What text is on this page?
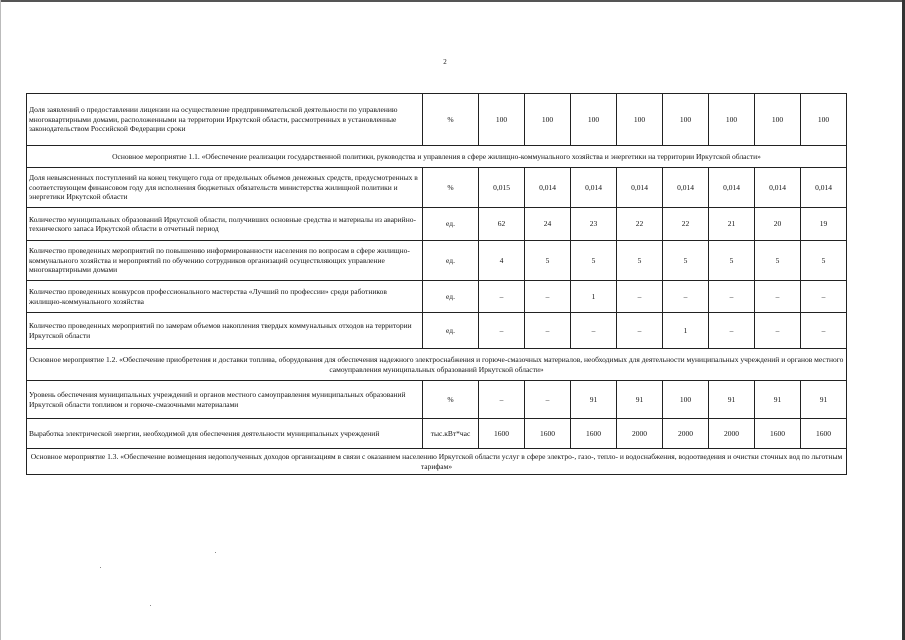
2
Доля заявлений о предоставлении лицензии на осуществление предпринимательской деятельности по управлению многоквартирными домами, расположенными на территории Иркутской области, рассмотренных в установленные законодательством Российской Федерации сроки	%	100	100	100	100	100	100	100	100
Основное мероприятие 1.1. «Обеспечение реализации государственной политики, руководства и управления в сфере жилищно-коммунального хозяйства и энергетики на территории Иркутской области»									
Доля невыясненных поступлений на конец текущего года от предельных объемов денежных средств, предусмотренных в соответствующем финансовом году для исполнения бюджетных обязательств министерства жилищной политики и энергетики Иркутской области	%	0,015	0,014	0,014	0,014	0,014	0,014	0,014	0,014
Количество муниципальных образований Иркутской области, получивших основные средства и материалы из аварийно-технического запаса Иркутской области в отчетный период	ед.	62	24	23	22	22	21	20	19
Количество проведенных мероприятий по повышению информированности населения по вопросам в сфере жилищно-коммунального хозяйства и мероприятий по обучению сотрудников организаций осуществляющих управление многоквартирными домами	ед.	4	5	5	5	5	5	5	5
Количество проведенных конкурсов профессионального мастерства «Лучший по профессии» среди работников жилищно-коммунального хозяйства	ед.	–	–	1	–	–	–	–	–
Количество проведенных мероприятий по замерам объемов накопления твердых коммунальных отходов на территории Иркутской области	ед.	–	–	–	–	1	–	–	–
Основное мероприятие 1.2. «Обеспечение приобретения и доставки топлива, оборудования для обеспечения надежного электроснабжения и горюче-смазочных материалов, необходимых для деятельности муниципальных учреждений и органов местного самоуправления муниципальных образований Иркутской области»									
Уровень обеспечения муниципальных учреждений и органов местного самоуправления муниципальных образований Иркутской области топливом и горюче-смазочными материалами	%	–	–	91	91	100	91	91	91
Выработка электрической энергии, необходимой для обеспечения деятельности муниципальных учреждений	тыс.кВт*час	1600	1600	1600	2000	2000	2000	1600	1600
Основное мероприятие 1.3. «Обеспечение возмещения недополученных доходов организациям в связи с оказанием населению Иркутской области услуг в сфере электро-, газо-, тепло- и водоснабжения, водоотведения и очистки сточных вод по льготным тарифам»									
